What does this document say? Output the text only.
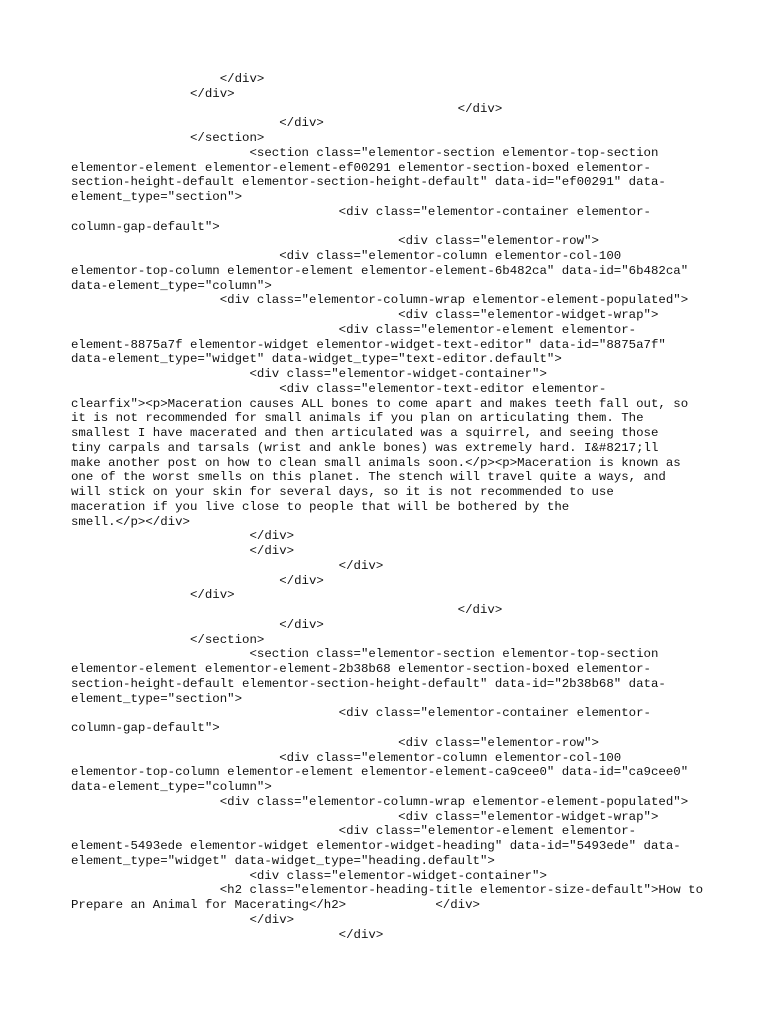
</div>
</div>
</div>
</div>
</section>
<section class="elementor-section elementor-top-section
elementor-element elementor-element-ef00291 elementor-section-boxed elementor-
section-height-default elementor-section-height-default" data-id="ef00291" data-
element_type="section">
<div class="elementor-container elementor-
column-gap-default">
<div class="elementor-row">
<div class="elementor-column elementor-col-100
elementor-top-column elementor-element elementor-element-6b482ca" data-id="6b482ca"
data-element_type="column">
<div class="elementor-column-wrap elementor-element-populated">
<div class="elementor-widget-wrap">
<div class="elementor-element elementor-
element-8875a7f elementor-widget elementor-widget-text-editor" data-id="8875a7f"
data-element_type="widget" data-widget_type="text-editor.default">
<div class="elementor-widget-container">
<div class="elementor-text-editor elementor-
clearfix"><p>Maceration causes ALL bones to come apart and makes teeth fall out, so
it is not recommended for small animals if you plan on articulating them. The
smallest I have macerated and then articulated was a squirrel, and seeing those
tiny carpals and tarsals (wrist and ankle bones) was extremely hard. I&#8217;ll
make another post on how to clean small animals soon.</p><p>Maceration is known as
one of the worst smells on this planet. The stench will travel quite a ways, and
will stick on your skin for several days, so it is not recommended to use
maceration if you live close to people that will be bothered by the
smell.</p></div>
</div>
</div>
</div>
</div>
</div>
</div>
</div>
</section>
<section class="elementor-section elementor-top-section
elementor-element elementor-element-2b38b68 elementor-section-boxed elementor-
section-height-default elementor-section-height-default" data-id="2b38b68" data-
element_type="section">
<div class="elementor-container elementor-
column-gap-default">
<div class="elementor-row">
<div class="elementor-column elementor-col-100
elementor-top-column elementor-element elementor-element-ca9cee0" data-id="ca9cee0"
data-element_type="column">
<div class="elementor-column-wrap elementor-element-populated">
<div class="elementor-widget-wrap">
<div class="elementor-element elementor-
element-5493ede elementor-widget elementor-widget-heading" data-id="5493ede" data-
element_type="widget" data-widget_type="heading.default">
<div class="elementor-widget-container">
<h2 class="elementor-heading-title elementor-size-default">How to
Prepare an Animal for Macerating</h2>            </div>
</div>
</div>
